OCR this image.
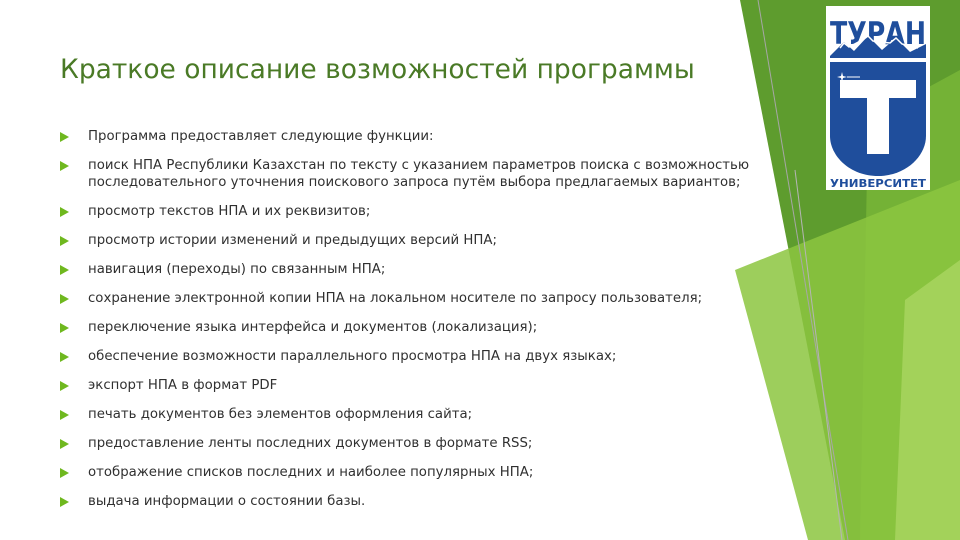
Краткое описание возможностей программы
Программа предоставляет следующие функции:
поиск НПА Республики Казахстан по тексту с указанием параметров поиска с возможностью последовательного уточнения поискового запроса путём выбора предлагаемых вариантов;
просмотр текстов НПА и их реквизитов;
просмотр истории изменений и предыдущих версий НПА;
навигация (переходы) по связанным НПА;
сохранение электронной копии НПА на локальном носителе по запросу пользователя;
переключение языка интерфейса и документов (локализация);
обеспечение возможности параллельного просмотра НПА на двух языках;
экспорт НПА в формат PDF
печать документов без элементов оформления сайта;
предоставление ленты последних документов в формате RSS;
отображение списков последних и наиболее популярных НПА;
выдача информации о состоянии базы.
ТУРАН
УНИВЕРСИТЕТ
